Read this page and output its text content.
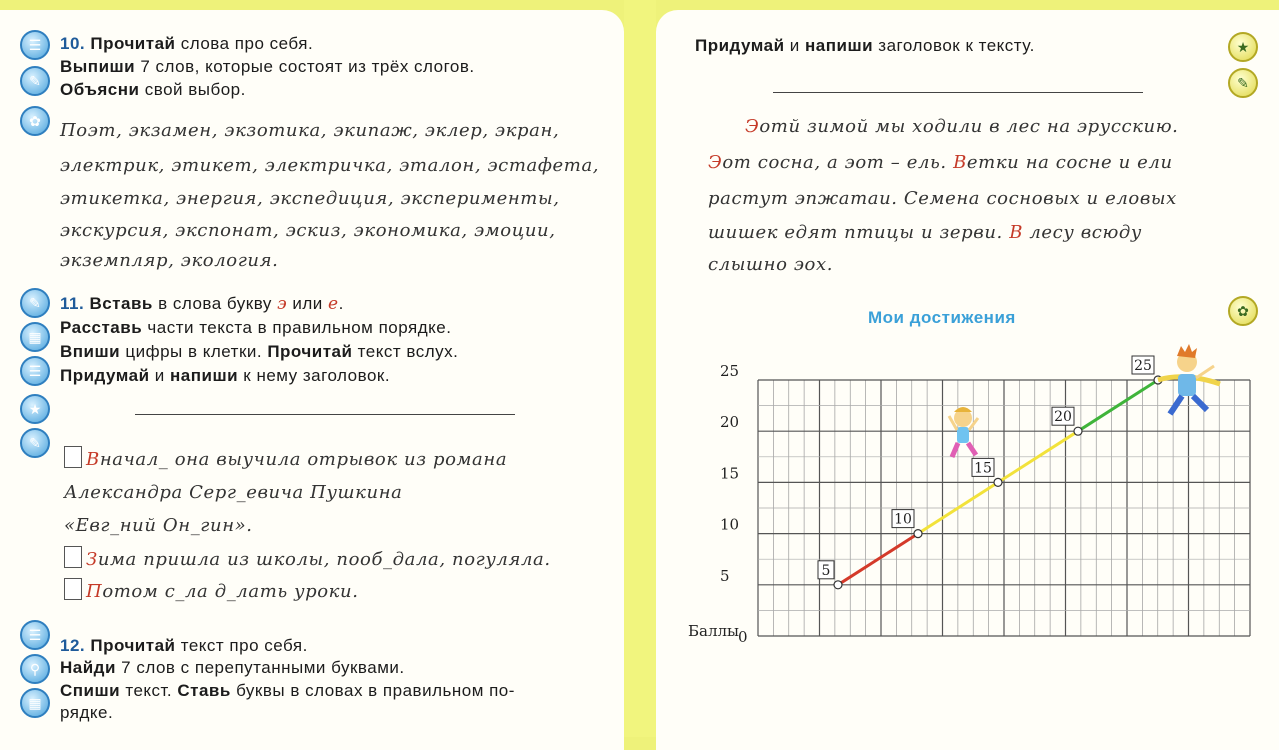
☰
✎
✿
10. Прочитай слова про себя.
Выпиши 7 слов, которые состоят из трёх слогов.
Объясни свой выбор.
Поэт, экзамен, экзотика, экипаж, эклер, экран,
электрик, этикет, электричка, эталон, эстафета,
этикетка, энергия, экспедиция, эксперименты,
экскурсия, экспонат, эскиз, экономика, эмоции,
экземпляр, экология.
✎
▦
☰
★
✎
11. Вставь в слова букву э или е.
Расставь части текста в правильном порядке.
Впиши цифры в клетки. Прочитай текст вслух.
Придумай и напиши к нему заголовок.
Вначал_ она выучила отрывок из романа
Александра Серг_евича Пушкина
«Евг_ний Он_гин».
Зима пришла из школы, пооб_дала, погуляла.
Потом с_ла д_лать уроки.
☰
⚲
▦
12. Прочитай текст про себя.
Найди 7 слов с перепутанными буквами.
Спиши текст. Ставь буквы в словах в правильном по-
рядке.
Придумай и напиши заголовок к тексту.	★
✎
✿
Эотй зимой мы ходили в лес на эрусскию.
Эот сосна, а эот – ель. Ветки на сосне и ели
растут эпжатаи. Семена сосновых и еловых
шишек едят птицы и зерви. В лесу всюду
слышно эох.
Мои достижения
0
5
10
15
20
25
Баллы
5
10
15
20
25
